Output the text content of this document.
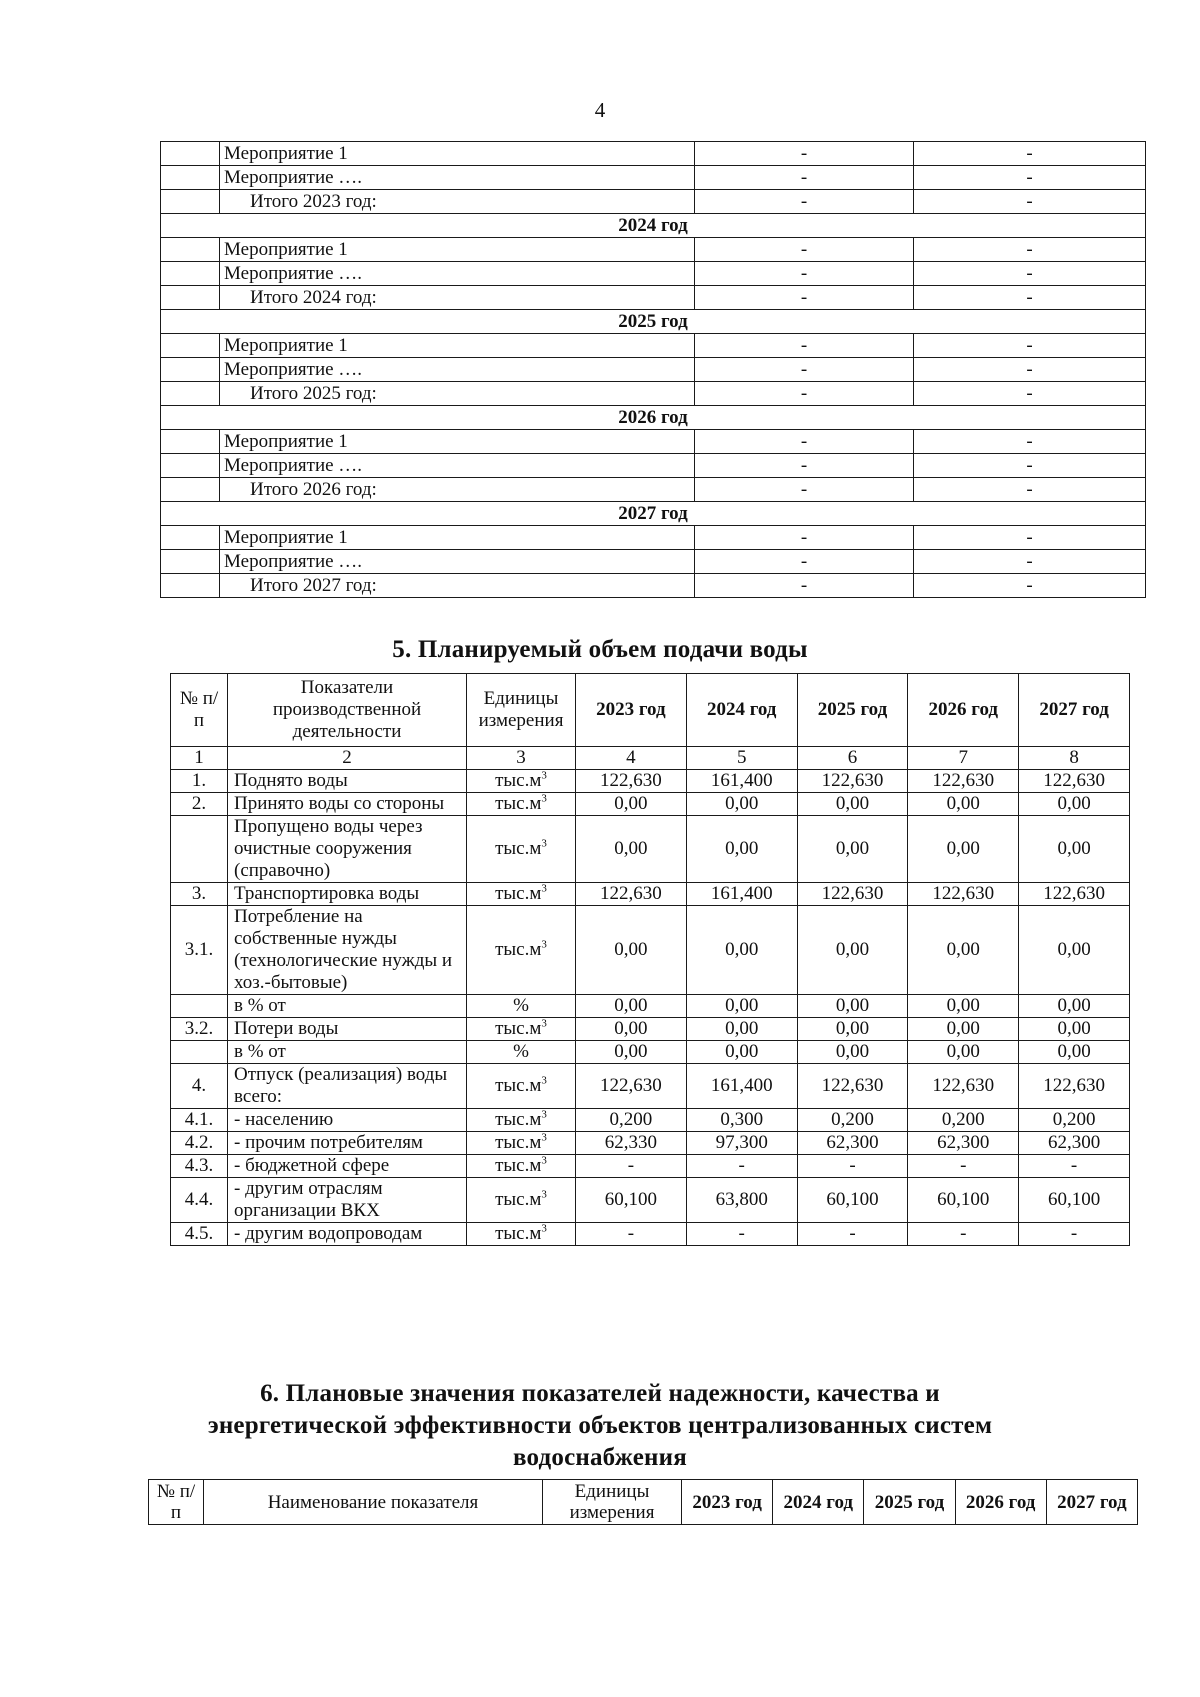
4
	Мероприятие 1	-	-
	Мероприятие ….	-	-
	Итого 2023 год:	-	-
2024 год			
	Мероприятие 1	-	-
	Мероприятие ….	-	-
	Итого 2024 год:	-	-
2025 год			
	Мероприятие 1	-	-
	Мероприятие ….	-	-
	Итого 2025 год:	-	-
2026 год			
	Мероприятие 1	-	-
	Мероприятие ….	-	-
	Итого 2026 год:	-	-
2027 год			
	Мероприятие 1	-	-
	Мероприятие ….	-	-
	Итого 2027 год:	-	-
5. Планируемый объем подачи воды
№ п/п	Показатели производственной деятельности	Единицы измерения	2023 год	2024 год	2025 год	2026 год	2027 год
1	2	3	4	5	6	7	8
1.	Поднято воды	$тыс.м^3$	122,630	161,400	122,630	122,630	122,630
2.	Принято воды со стороны	$тыс.м^3$	0,00	0,00	0,00	0,00	0,00
	Пропущено воды через очистные сооружения (справочно)	$тыс.м^3$	0,00	0,00	0,00	0,00	0,00
3.	Транспортировка воды	$тыс.м^3$	122,630	161,400	122,630	122,630	122,630
3.1.	Потребление на собственные нужды (технологические нужды и хоз.-бытовые)	$тыс.м^3$	0,00	0,00	0,00	0,00	0,00
	в % от	%	0,00	0,00	0,00	0,00	0,00
3.2.	Потери воды	$тыс.м^3$	0,00	0,00	0,00	0,00	0,00
	в % от	%	0,00	0,00	0,00	0,00	0,00
4.	Отпуск (реализация) воды всего:	$тыс.м^3$	122,630	161,400	122,630	122,630	122,630
4.1.	- населению	$тыс.м^3$	0,200	0,300	0,200	0,200	0,200
4.2.	- прочим потребителям	$тыс.м^3$	62,330	97,300	62,300	62,300	62,300
4.3.	- бюджетной сфере	$тыс.м^3$	-	-	-	-	-
4.4.	- другим отраслям организации ВКХ	$тыс.м^3$	60,100	63,800	60,100	60,100	60,100
4.5.	- другим водопроводам	$тыс.м^3$	-	-	-	-	-
6. Плановые значения показателей надежности, качества и
энергетической эффективности объектов централизованных систем
водоснабжения
№ п/п	Наименование показателя	Единицы измерения	2023 год	2024 год	2025 год	2026 год	2027 год
